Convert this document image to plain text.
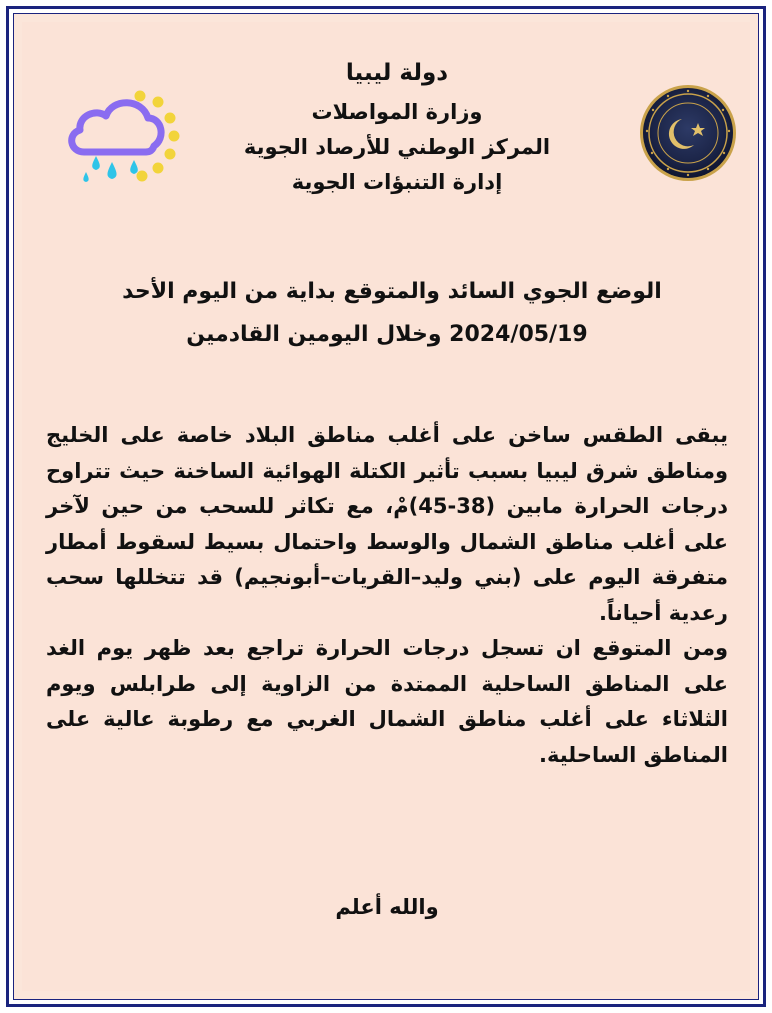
دولة ليبيا
وزارة المواصلات
المركز الوطني للأرصاد الجوية
إدارة التنبؤات الجوية
الوضع الجوي السائد والمتوقع بداية من اليوم الأحد
2024/05/19 وخلال اليومين القادمين

يبقى الطقس ساخن على أغلب مناطق البلاد خاصة على الخليج ومناطق شرق ليبيا بسبب تأثير الكتلة الهوائية الساخنة حيث تتراوح درجات الحرارة مابين (38-45)مْ، مع تكاثر للسحب من حين لآخر على أغلب مناطق الشمال والوسط واحتمال بسيط لسقوط أمطار متفرقة اليوم على (بني وليد–القريات–أبونجيم) قد تتخللها سحب رعدية أحياناً.

ومن المتوقع ان تسجل درجات الحرارة تراجع بعد ظهر يوم الغد على المناطق الساحلية الممتدة من الزاوية إلى طرابلس ويوم الثلاثاء على أغلب مناطق الشمال الغربي مع رطوبة عالية على المناطق الساحلية.

والله أعلم
